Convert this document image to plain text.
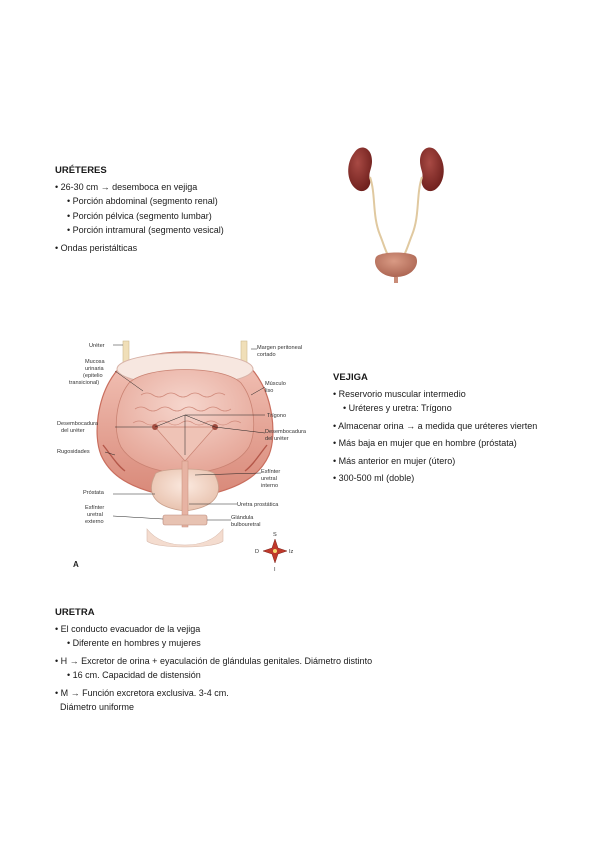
URÉTERES
• 26-30 cm → desemboca en vejiga
• Porción abdominal (segmento renal)
• Porción pélvica (segmento lumbar)
• Porción intramural (segmento vesical)
• Ondas peristálticas
Uréter
Mucosa
urinaria
(epitelio
transicional)
Desembocadura
del uréter
Rugosidades
Próstata
Esfínter
uretral
externo
Margen peritoneal
cortado
Músculo
liso
Trígono
Desembocadura
del uréter
Esfínter
uretral
interno
Uretra prostática
Glándula
bulbouretral
A
S
I
D	Iz
VEJIGA
• Reservorio muscular intermedio
• Uréteres y uretra: Trígono
• Almacenar orina → a medida que uréteres vierten
• Más baja en mujer que en hombre (próstata)
• Más anterior en mujer (útero)
• 300-500 ml (doble)
URETRA
• El conducto evacuador de la vejiga
• Diferente en hombres y mujeres
• H → Excretor de orina + eyaculación de glándulas genitales. Diámetro distinto
• 16 cm. Capacidad de distensión
• M → Función excretora exclusiva. 3-4 cm.
Diámetro uniforme
